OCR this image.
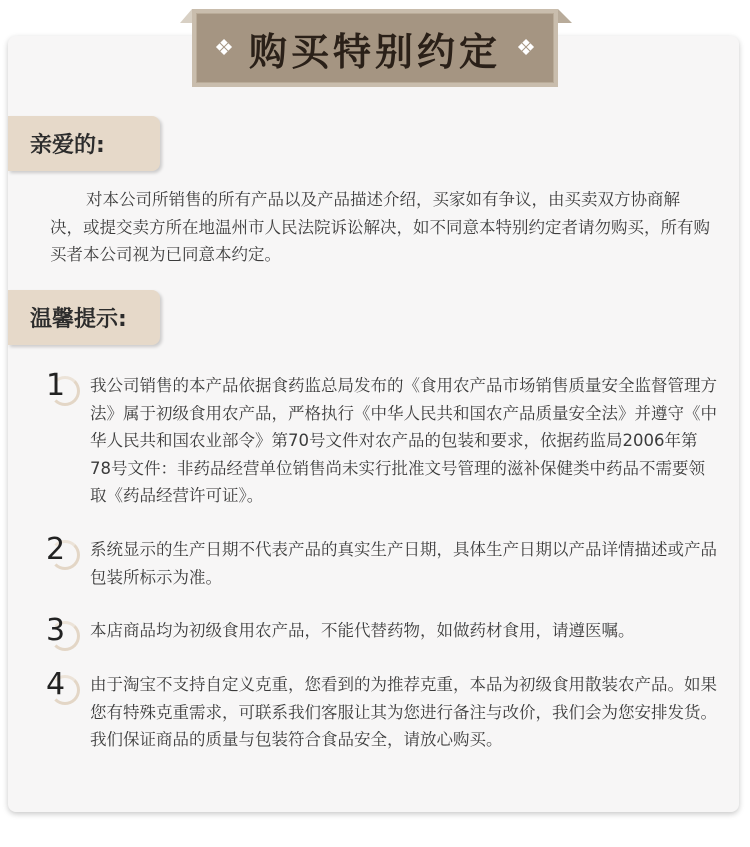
❖ 购买特别约定 ❖
亲爱的:

对本公司所销售的所有产品以及产品描述介绍，买家如有争议，由买卖双方协商解决，或提交卖方所在地温州市人民法院诉讼解决，如不同意本特别约定者请勿购买，所有购买者本公司视为已同意本约定。

温馨提示:
1 我公司销售的本产品依据食药监总局发布的《食用农产品市场销售质量安全监督管理方法》属于初级食用农产品，严格执行《中华人民共和国农产品质量安全法》并遵守《中华人民共和国农业部令》第70号文件对农产品的包装和要求，依据药监局2006年第78号文件：非药品经营单位销售尚未实行批准文号管理的滋补保健类中药品不需要领取《药品经营许可证》。

2 系统显示的生产日期不代表产品的真实生产日期，具体生产日期以产品详情描述或产品包装所标示为准。

3 本店商品均为初级食用农产品，不能代替药物，如做药材食用，请遵医嘱。

4 由于淘宝不支持自定义克重，您看到的为推荐克重，本品为初级食用散装农产品。如果您有特殊克重需求，可联系我们客服让其为您进行备注与改价，我们会为您安排发货。我们保证商品的质量与包装符合食品安全，请放心购买。
